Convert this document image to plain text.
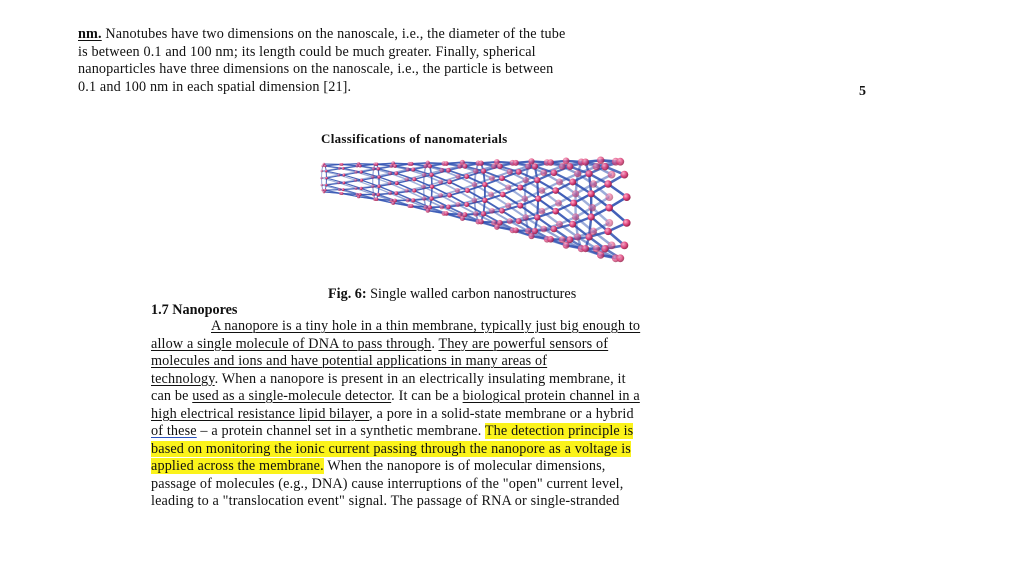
nm. Nanotubes have two dimensions on the nanoscale, i.e., the diameter of the tube
is between 0.1 and 100 nm; its length could be much greater. Finally, spherical
nanoparticles have three dimensions on the nanoscale, i.e., the particle is between
0.1 and 100 nm in each spatial dimension [21].	5
Classifications of nanomaterials
Fig. 6: Single walled carbon nanostructures
1.7 Nanopores
A nanopore is a tiny hole in a thin membrane, typically just big enough to
allow a single molecule of DNA to pass through. They are powerful sensors of
molecules and ions and have potential applications in many areas of
technology. When a nanopore is present in an electrically insulating membrane, it
can be used as a single-molecule detector. It can be a biological protein channel in a
high electrical resistance lipid bilayer, a pore in a solid-state membrane or a hybrid
of these – a protein channel set in a synthetic membrane. The detection principle is
based on monitoring the ionic current passing through the nanopore as a voltage is
applied across the membrane. When the nanopore is of molecular dimensions,
passage of molecules (e.g., DNA) cause interruptions of the "open" current level,
leading to a "translocation event" signal. The passage of RNA or single-stranded
